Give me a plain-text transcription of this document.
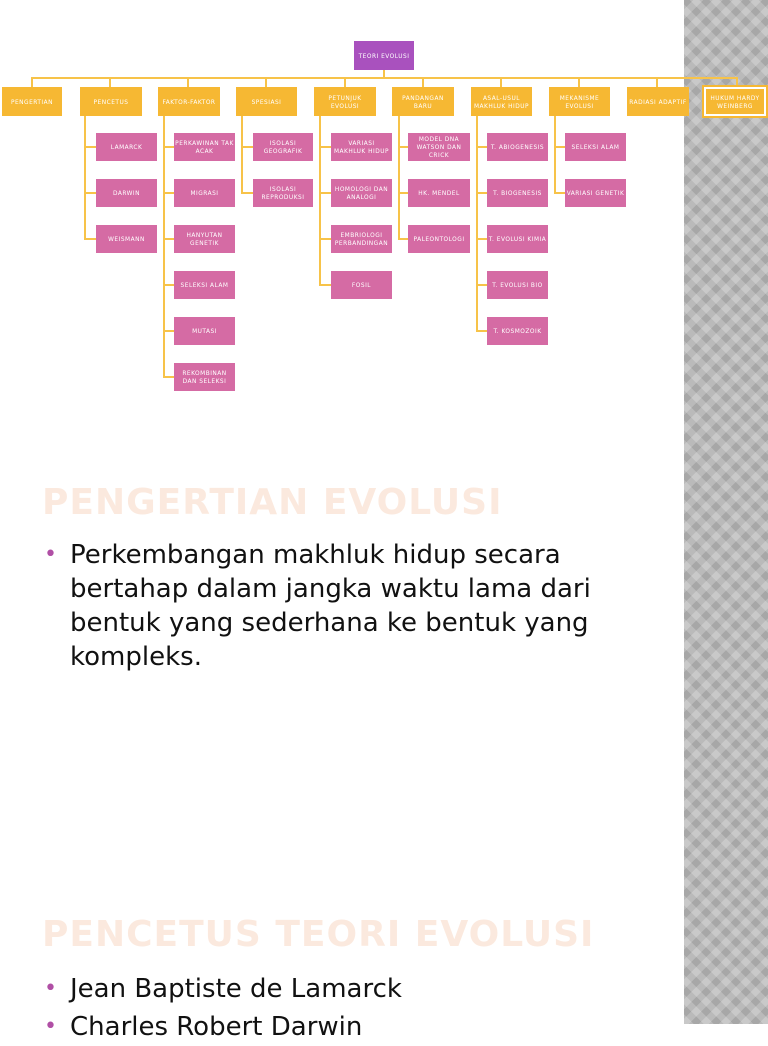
TEORI EVOLUSI
PENGERTIAN	PENCETUS	FAKTOR-FAKTOR	SPESIASI	PETUNJUK EVOLUSI
PANDANGAN BARU
ASAL-USUL MAKHLUK HIDUP
MEKANISME EVOLUSI	RADIASI ADAPTIF	HUKUM HARDY WEINBERG
LAMARCK
DARWIN
WEISMANN
PERKAWINAN TAK ACAK
MIGRASI
HANYUTAN GENETIK
SELEKSI ALAM
MUTASI
REKOMBINAN DAN SELEKSI
ISOLASI GEOGRAFIK
ISOLASI REPRODUKSI
VARIASI MAKHLUK HIDUP
HOMOLOGI DAN ANALOGI
EMBRIOLOGI PERBANDINGAN
FOSIL
MODEL DNA WATSON DAN CRICK
HK. MENDEL
PALEONTOLOGI
T. ABIOGENESIS
T. BIOGENESIS
T. EVOLUSI KIMIA
T. EVOLUSI BIO
T. KOSMOZOIK
SELEKSI ALAM
VARIASI GENETIK
PENGERTIAN EVOLUSI
• Perkembangan makhluk hidup secara bertahap dalam jangka waktu lama dari bentuk yang sederhana ke bentuk yang kompleks.
PENCETUS TEORI EVOLUSI
• Jean Baptiste de Lamarck
• Charles Robert Darwin
